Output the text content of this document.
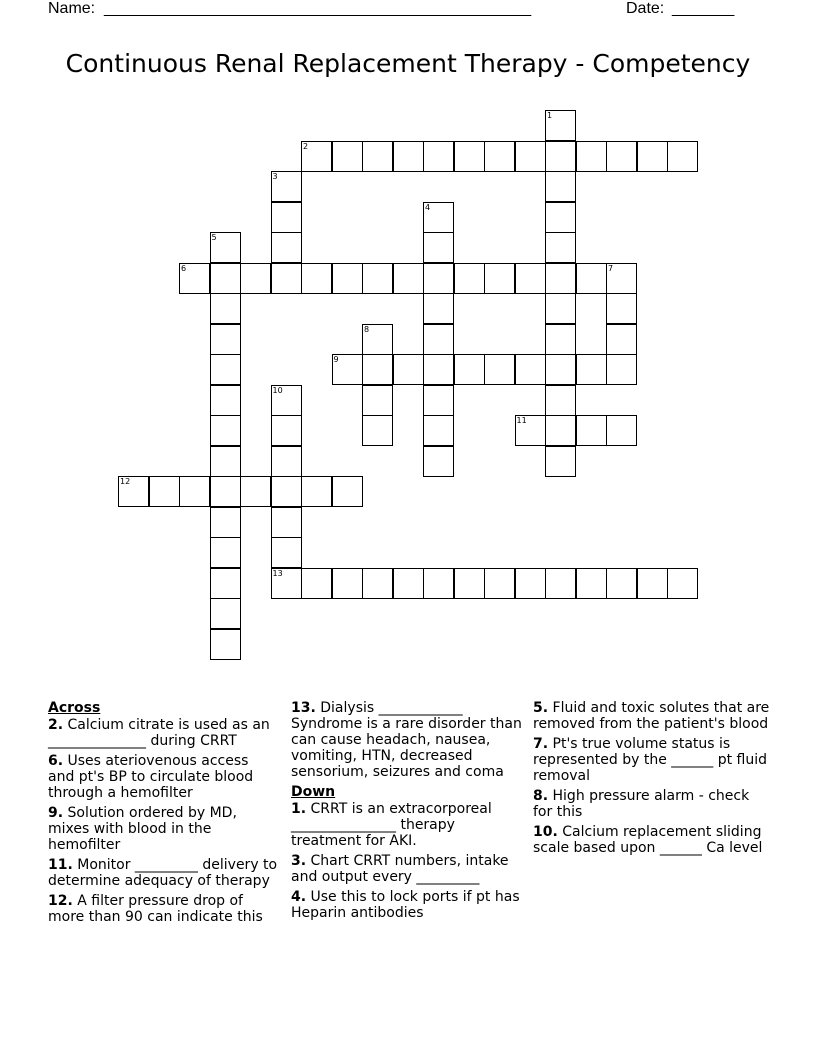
Name: ________________________________________________	Date: _______
Continuous Renal Replacement Therapy - Competency
1
2
3
4
5
6	7
8
9
10
11
12
13
Across
2. Calcium citrate is used as an ______________ during CRRT
6. Uses ateriovenous access and pt's BP to circulate blood through a hemofilter
9. Solution ordered by MD, mixes with blood in the hemofilter
11. Monitor _________ delivery to determine adequacy of therapy
12. A filter pressure drop of more than 90 can indicate this
13. Dialysis ____________ Syndrome is a rare disorder than can cause headach, nausea, vomiting, HTN, decreased sensorium, seizures and coma
Down
1. CRRT is an extracorporeal _______________ therapy treatment for AKI.
3. Chart CRRT numbers, intake and output every _________
4. Use this to lock ports if pt has Heparin antibodies
5. Fluid and toxic solutes that are removed from the patient's blood
7. Pt's true volume status is represented by the ______ pt fluid removal
8. High pressure alarm - check for this
10. Calcium replacement sliding scale based upon ______ Ca level
